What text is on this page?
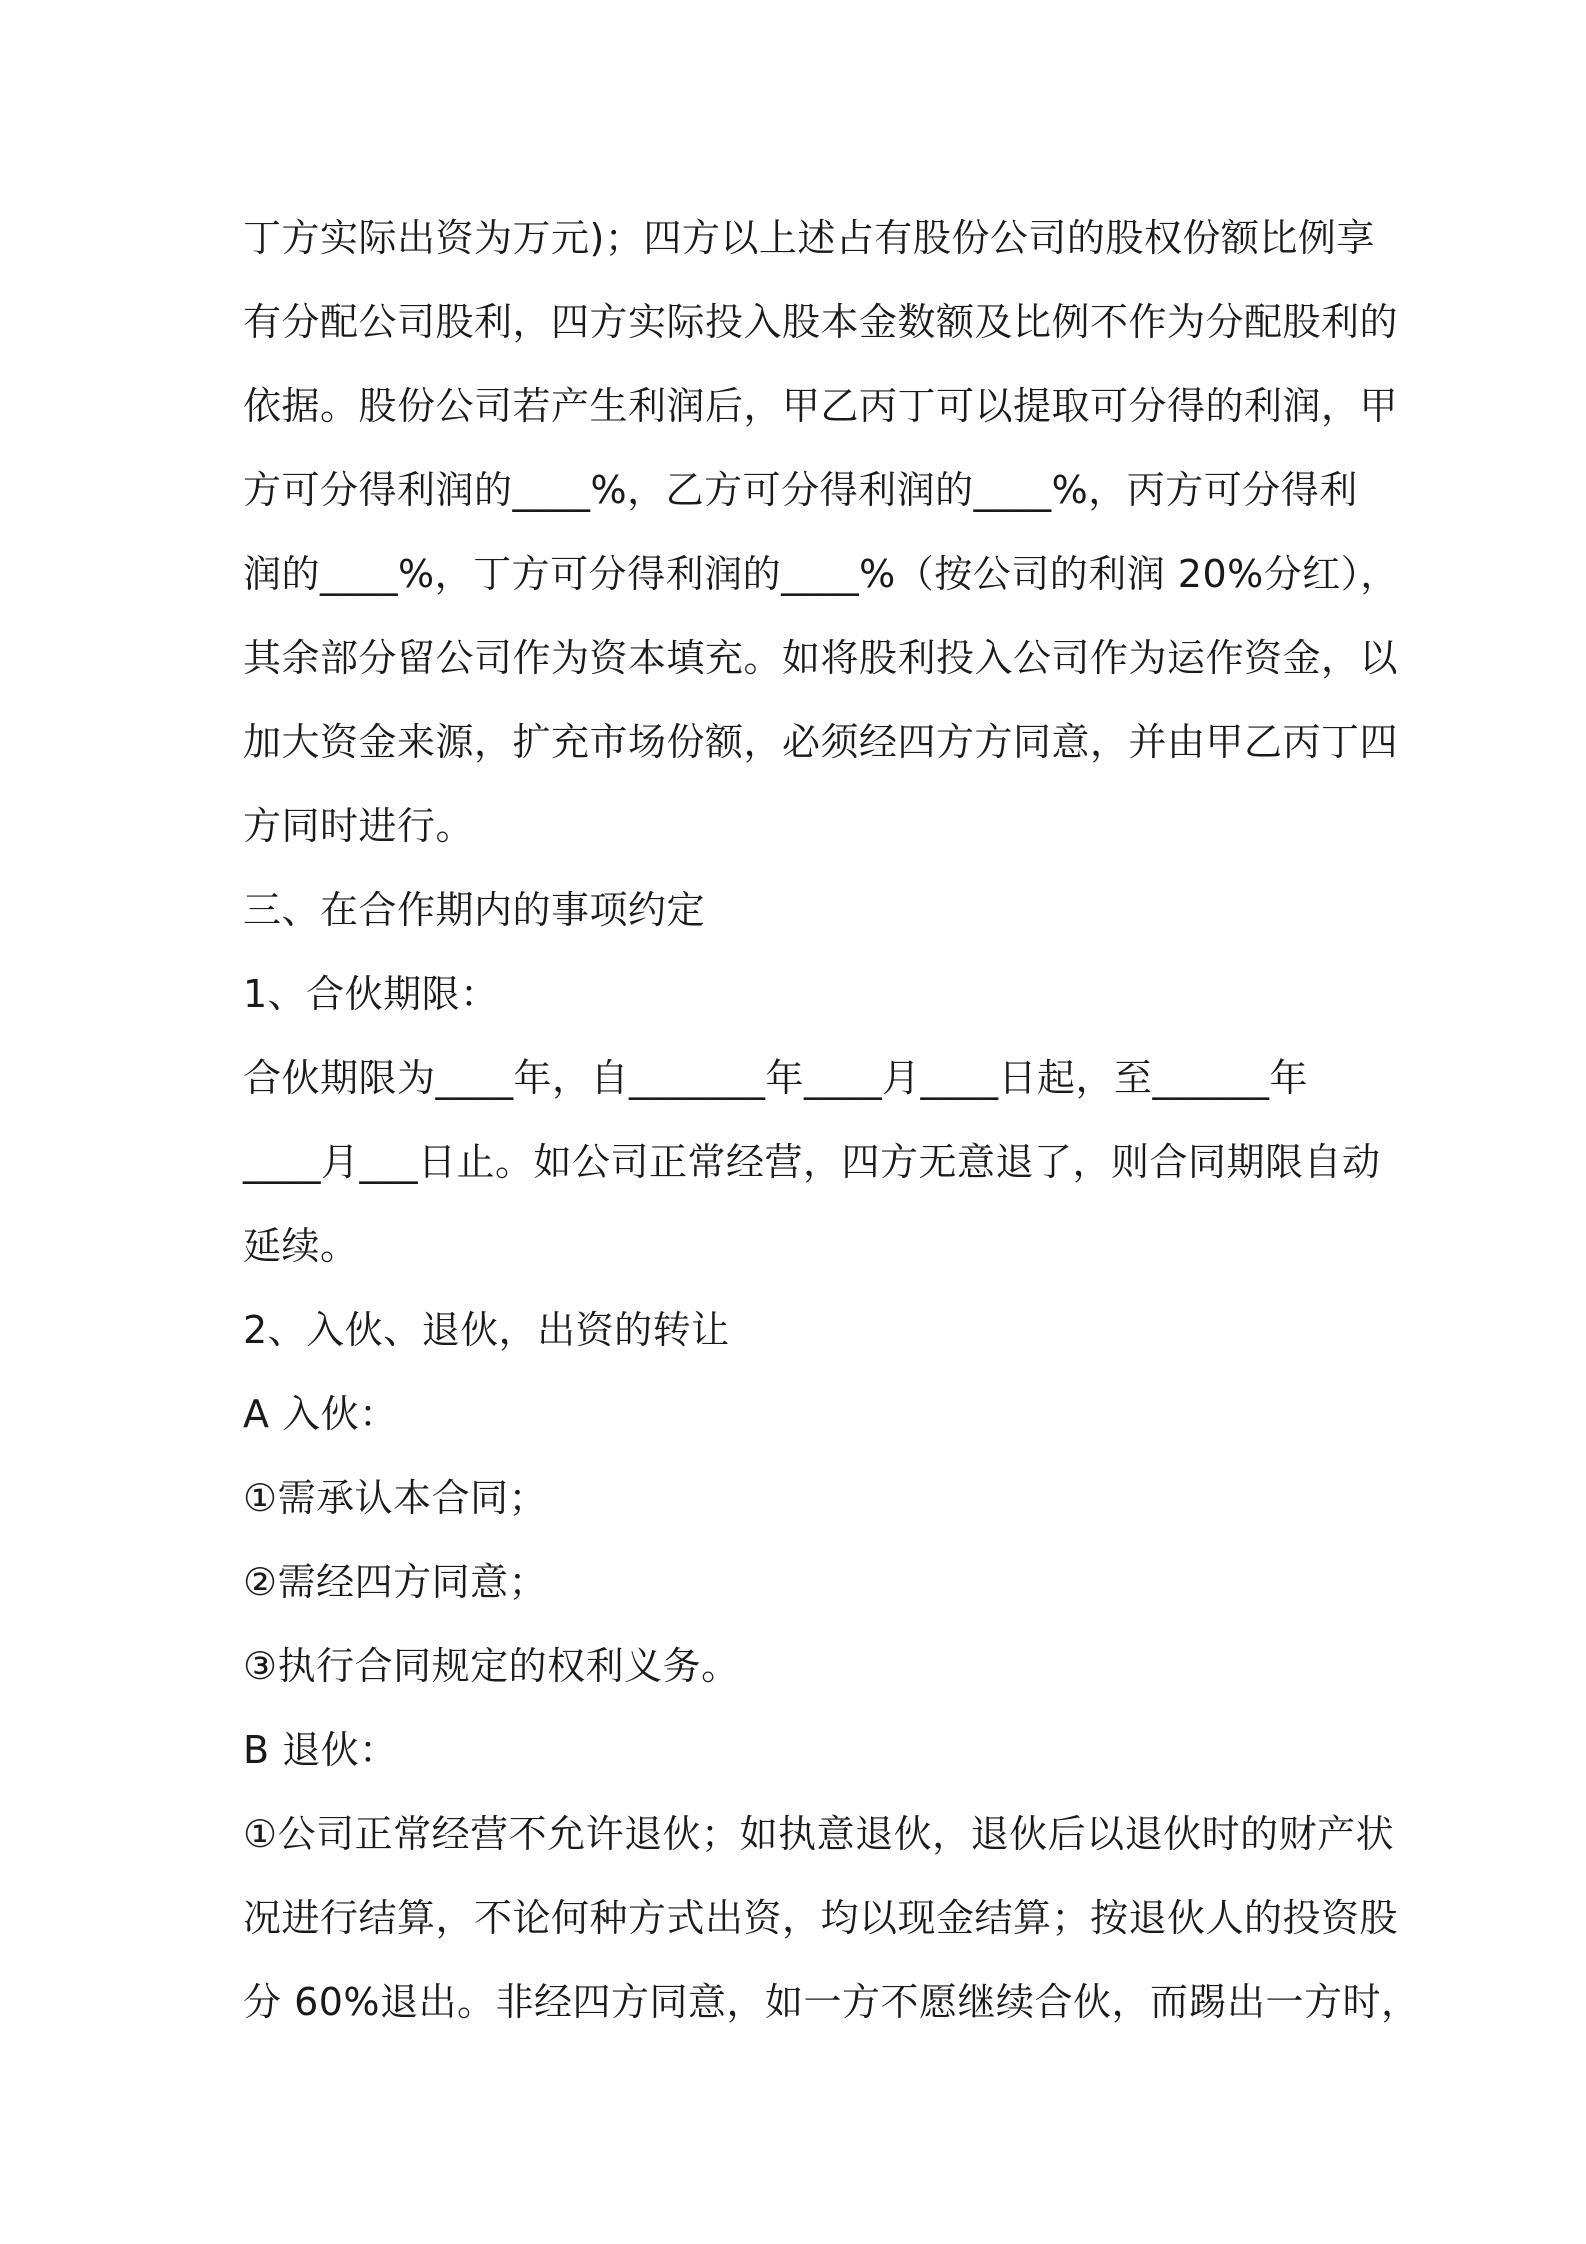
丁方实际出资为万元)；四方以上述占有股份公司的股权份额比例享
有分配公司股利，四方实际投入股本金数额及比例不作为分配股利的
依据。股份公司若产生利润后，甲乙丙丁可以提取可分得的利润，甲
方可分得利润的____%，乙方可分得利润的____%，丙方可分得利
润的____%，丁方可分得利润的____%（按公司的利润 20%分红），
其余部分留公司作为资本填充。如将股利投入公司作为运作资金，以
加大资金来源，扩充市场份额，必须经四方方同意，并由甲乙丙丁四
方同时进行。
三、在合作期内的事项约定
1、合伙期限：
合伙期限为____年，自_______年____月____日起，至______年
____月___日止。如公司正常经营，四方无意退了，则合同期限自动
延续。
2、入伙、退伙，出资的转让
A 入伙：
①需承认本合同；
②需经四方同意；
③执行合同规定的权利义务。
B 退伙：
①公司正常经营不允许退伙；如执意退伙，退伙后以退伙时的财产状
况进行结算，不论何种方式出资，均以现金结算；按退伙人的投资股
分 60%退出。非经四方同意，如一方不愿继续合伙，而踢出一方时，
